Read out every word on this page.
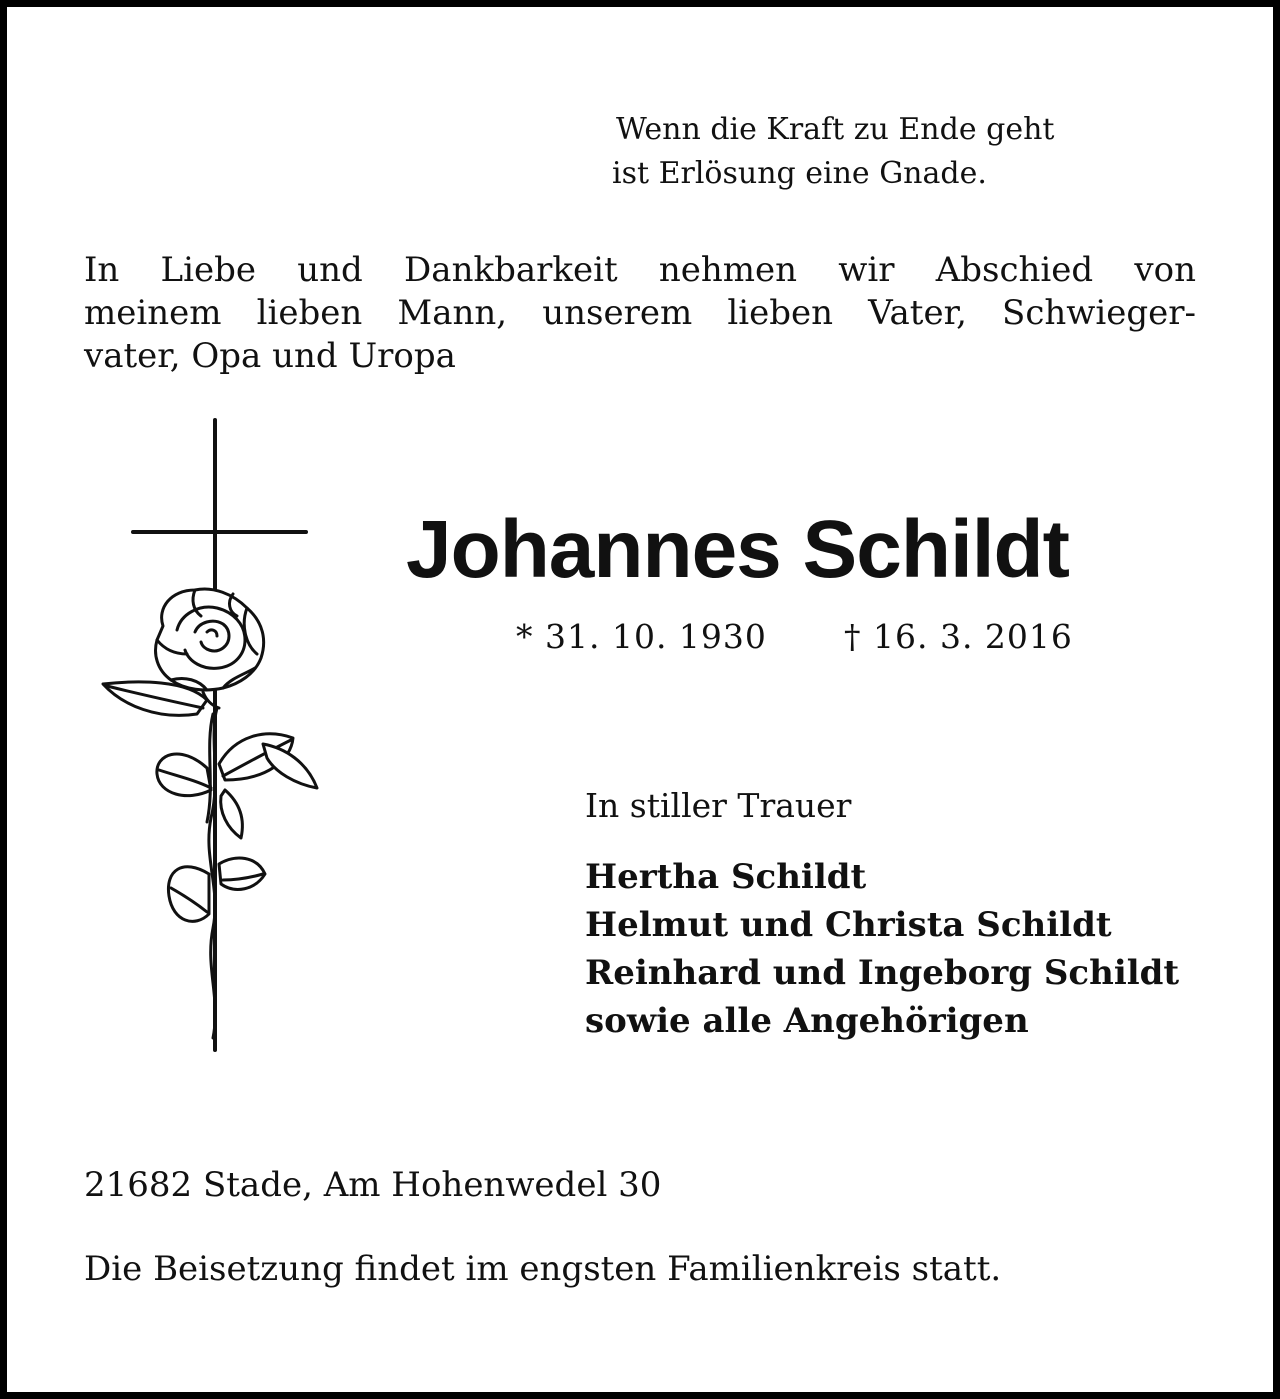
Wenn die Kraft zu Ende geht
ist Erlösung eine Gnade.
In Liebe und Dankbarkeit nehmen wir Abschied von
meinem lieben Mann, unserem lieben Vater, Schwieger-
vater, Opa und Uropa
Johannes Schildt
* 31. 10. 1930 † 16. 3. 2016
In stiller Trauer
Hertha Schildt
Helmut und Christa Schildt
Reinhard und Ingeborg Schildt
sowie alle Angehörigen
21682 Stade, Am Hohenwedel 30
Die Beisetzung findet im engsten Familienkreis statt.
